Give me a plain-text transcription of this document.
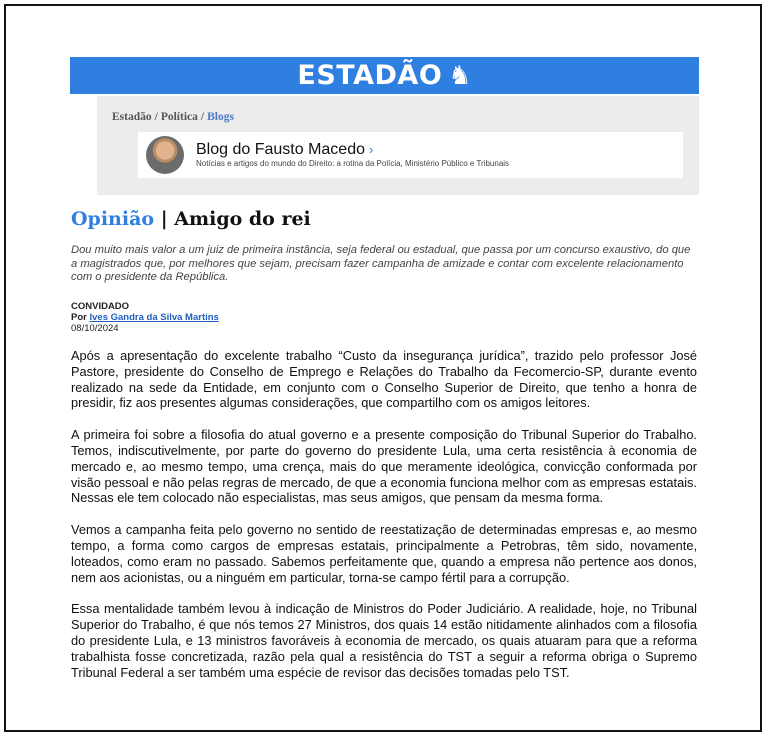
ESTADÃO ♞
Estadão / Política / Blogs
Blog do Fausto Macedo ›
Notícias e artigos do mundo do Direito: a rotina da Polícia, Ministério Público e Tribunais
Opinião | Amigo do rei
Dou muito mais valor a um juiz de primeira instância, seja federal ou estadual, que passa por um concurso exaustivo, do que a magistrados que, por melhores que sejam, precisam fazer campanha de amizade e contar com excelente relacionamento com o presidente da República.
CONVIDADO
Por Ives Gandra da Silva Martins
08/10/2024

Após a apresentação do excelente trabalho “Custo da insegurança jurídica”, trazido pelo professor José Pastore, presidente do Conselho de Emprego e Relações do Trabalho da Fecomercio-SP, durante evento realizado na sede da Entidade, em conjunto com o Conselho Superior de Direito, que tenho a honra de presidir, fiz aos presentes algumas considerações, que compartilho com os amigos leitores.

A primeira foi sobre a filosofia do atual governo e a presente composição do Tribunal Superior do Trabalho. Temos, indiscutivelmente, por parte do governo do presidente Lula, uma certa resistência à economia de mercado e, ao mesmo tempo, uma crença, mais do que meramente ideológica, convicção conformada por visão pessoal e não pelas regras de mercado, de que a economia funciona melhor com as empresas estatais. Nessas ele tem colocado não especialistas, mas seus amigos, que pensam da mesma forma.

Vemos a campanha feita pelo governo no sentido de reestatização de determinadas empresas e, ao mesmo tempo, a forma como cargos de empresas estatais, principalmente a Petrobras, têm sido, novamente, loteados, como eram no passado. Sabemos perfeitamente que, quando a empresa não pertence aos donos, nem aos acionistas, ou a ninguém em particular, torna-se campo fértil para a corrupção.

Essa mentalidade também levou à indicação de Ministros do Poder Judiciário. A realidade, hoje, no Tribunal Superior do Trabalho, é que nós temos 27 Ministros, dos quais 14 estão nitidamente alinhados com a filosofia do presidente Lula, e 13 ministros favoráveis à economia de mercado, os quais atuaram para que a reforma trabalhista fosse concretizada, razão pela qual a resistência do TST a seguir a reforma obriga o Supremo Tribunal Federal a ser também uma espécie de revisor das decisões tomadas pelo TST.
